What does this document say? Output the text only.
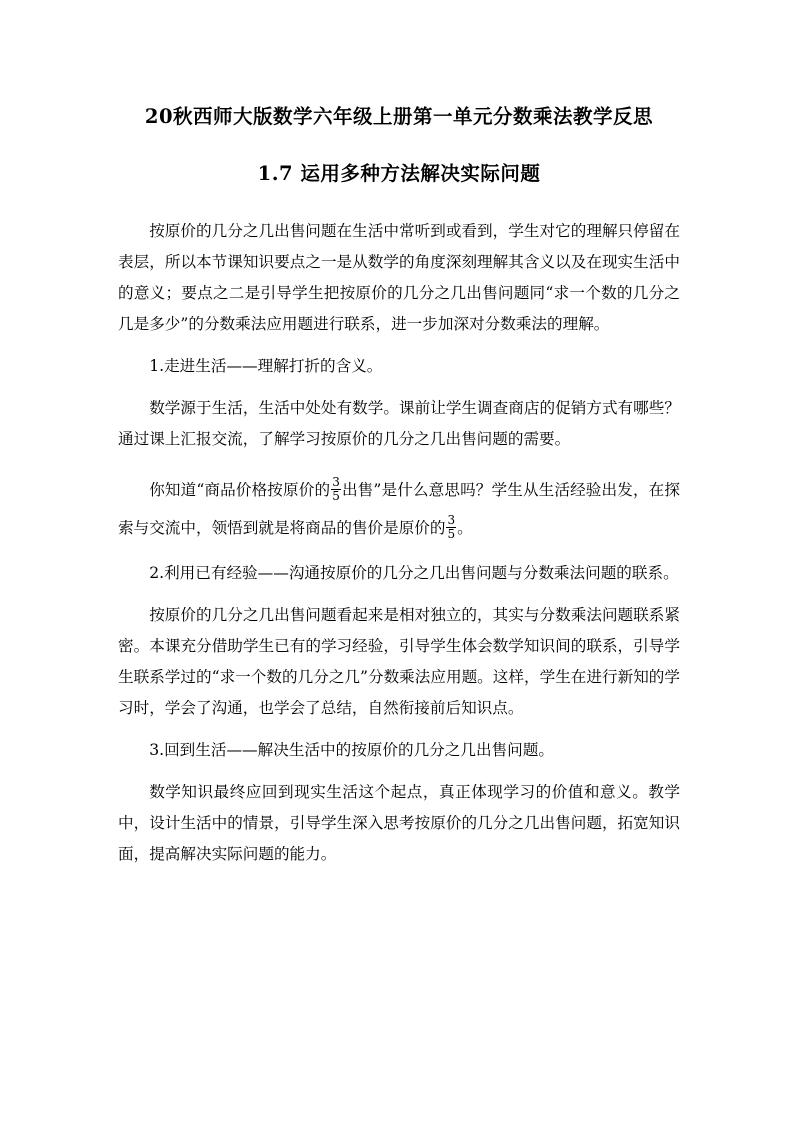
20秋西师大版数学六年级上册第一单元分数乘法教学反思
1.7 运用多种方法解决实际问题

按原价的几分之几出售问题在生活中常听到或看到，学生对它的理解只停留在表层，所以本节课知识要点之一是从数学的角度深刻理解其含义以及在现实生活中的意义；要点之二是引导学生把按原价的几分之几出售问题同“求一个数的几分之几是多少”的分数乘法应用题进行联系，进一步加深对分数乘法的理解。

1.走进生活——理解打折的含义。

数学源于生活，生活中处处有数学。课前让学生调查商店的促销方式有哪些？通过课上汇报交流，了解学习按原价的几分之几出售问题的需要。

你知道“商品价格按原价的 $\frac{3}{5}$ 出售”是什么意思吗？学生从生活经验出发，在探索与交流中，领悟到就是将商品的售价是原价的 $\frac{3}{5}$ 。

2.利用已有经验——沟通按原价的几分之几出售问题与分数乘法问题的联系。

按原价的几分之几出售问题看起来是相对独立的，其实与分数乘法问题联系紧密。本课充分借助学生已有的学习经验，引导学生体会数学知识间的联系，引导学生联系学过的“求一个数的几分之几”分数乘法应用题。这样，学生在进行新知的学习时，学会了沟通，也学会了总结，自然衔接前后知识点。

3.回到生活——解决生活中的按原价的几分之几出售问题。

数学知识最终应回到现实生活这个起点，真正体现学习的价值和意义。教学中，设计生活中的情景，引导学生深入思考按原价的几分之几出售问题，拓宽知识面，提高解决实际问题的能力。
